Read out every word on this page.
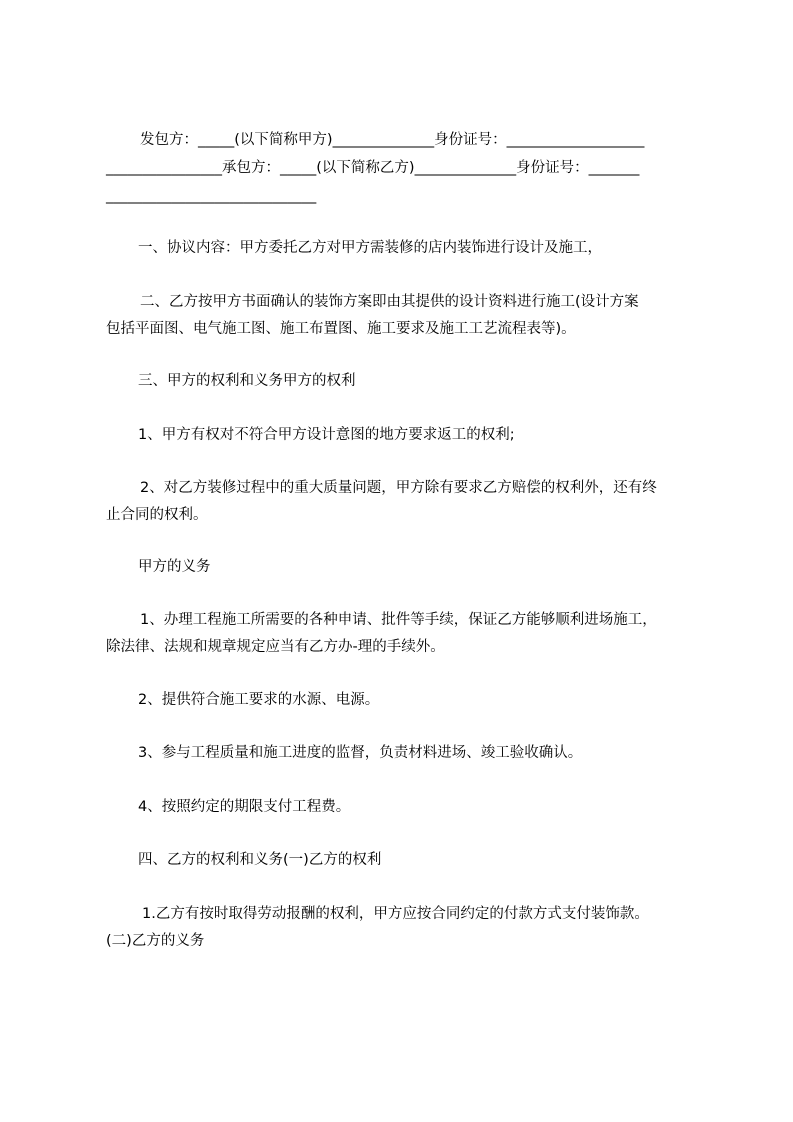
发包方：_____(以下简称甲方)______________身份证号：___________________
________________承包方：_____(以下简称乙方)______________身份证号：_______
_____________________________
一、协议内容：甲方委托乙方对甲方需装修的店内装饰进行设计及施工，
二、乙方按甲方书面确认的装饰方案即由其提供的设计资料进行施工(设计方案
包括平面图、电气施工图、施工布置图、施工要求及施工工艺流程表等)。
三、甲方的权利和义务甲方的权利
1、甲方有权对不符合甲方设计意图的地方要求返工的权利;
2、对乙方装修过程中的重大质量问题，甲方除有要求乙方赔偿的权利外，还有终
止合同的权利。
甲方的义务
1、办理工程施工所需要的各种申请、批件等手续，保证乙方能够顺利进场施工，
除法律、法规和规章规定应当有乙方办-理的手续外。
2、提供符合施工要求的水源、电源。
3、参与工程质量和施工进度的监督，负责材料进场、竣工验收确认。
4、按照约定的期限支付工程费。
四、乙方的权利和义务(一)乙方的权利
1.乙方有按时取得劳动报酬的权利，甲方应按合同约定的付款方式支付装饰款。
(二)乙方的义务
